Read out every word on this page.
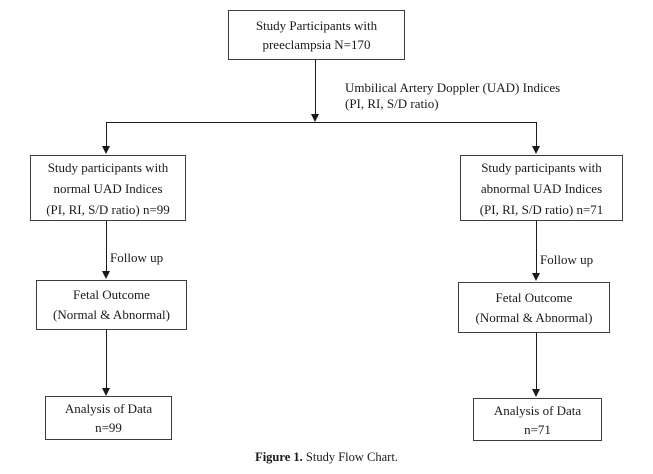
Study Participants with
preeclampsia N=170
Umbilical Artery Doppler (UAD) Indices
(PI, RI, S/D ratio)
Study participants with
normal UAD Indices
(PI, RI, S/D ratio) n=99
Study participants with
abnormal UAD Indices
(PI, RI, S/D ratio) n=71
Follow up	Follow up
Fetal Outcome
(Normal & Abnormal)
Fetal Outcome
(Normal & Abnormal)
Analysis of Data
n=99
Analysis of Data
n=71
Figure 1. Study Flow Chart.
